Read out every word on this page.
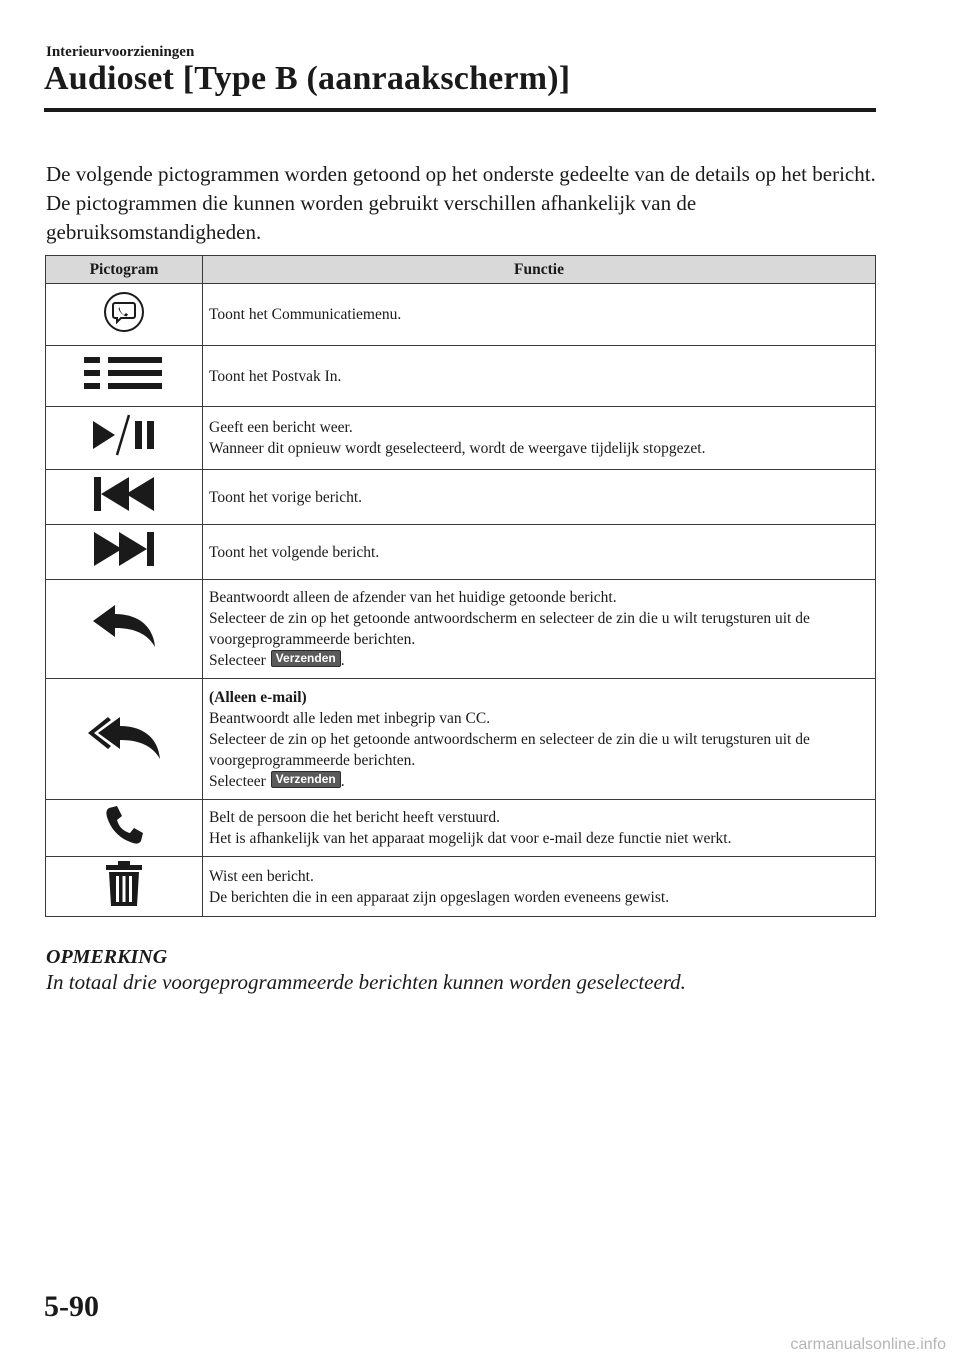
Interieurvoorzieningen
Audioset [Type B (aanraakscherm)]

De volgende pictogrammen worden getoond op het onderste gedeelte van de details op het bericht. De pictogrammen die kunnen worden gebruikt verschillen afhankelijk van de gebruiksomstandigheden.

Pictogram	Functie

Toont het Communicatiemenu.

Toont het Postvak In.

Geeft een bericht weer.
Wanneer dit opnieuw wordt geselecteerd, wordt de weergave tijdelijk stopgezet.

Toont het vorige bericht.

Toont het volgende bericht.

Beantwoordt alleen de afzender van het huidige getoonde bericht.
Selecteer de zin op het getoonde antwoordscherm en selecteer de zin die u wilt terugsturen uit de voorgeprogrammeerde berichten.
Selecteer Verzenden .

(Alleen e-mail)
Beantwoordt alle leden met inbegrip van CC.
Selecteer de zin op het getoonde antwoordscherm en selecteer de zin die u wilt terugsturen uit de voorgeprogrammeerde berichten.
Selecteer Verzenden .

Belt de persoon die het bericht heeft verstuurd.
Het is afhankelijk van het apparaat mogelijk dat voor e-mail deze functie niet werkt.

Wist een bericht.
De berichten die in een apparaat zijn opgeslagen worden eveneens gewist.
OPMERKING
In totaal drie voorgeprogrammeerde berichten kunnen worden geselecteerd.
5-90
carmanualsonline.info
